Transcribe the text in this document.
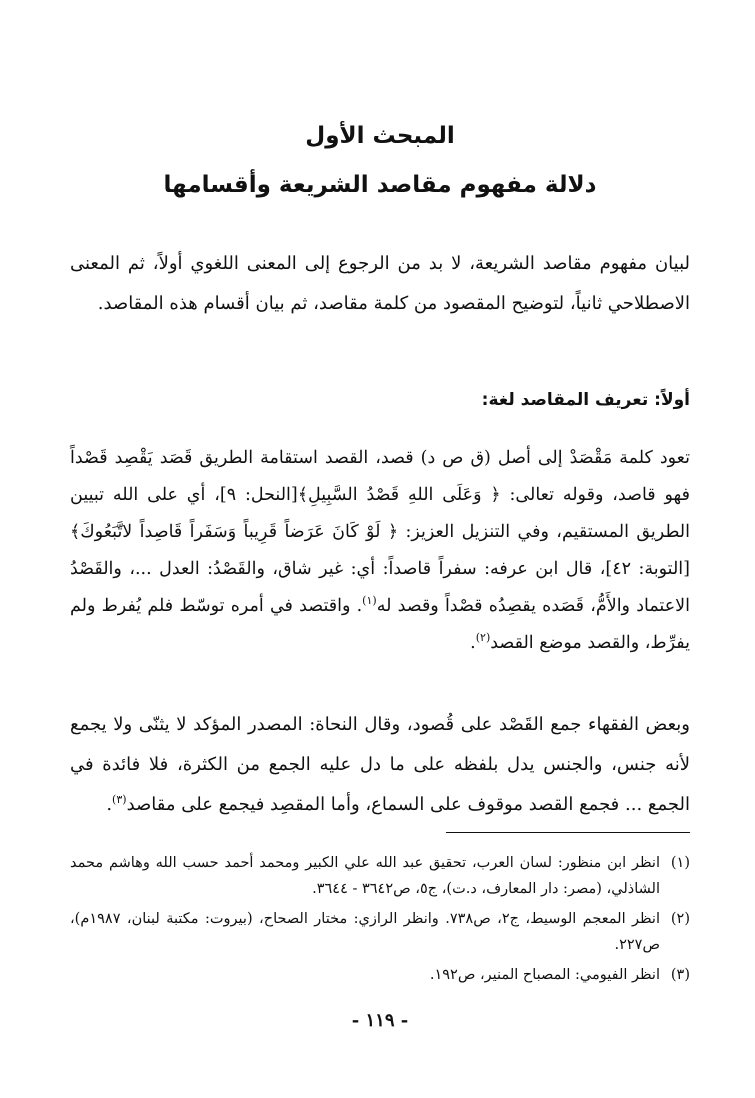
المبحث الأول
دلالة مفهوم مقاصد الشريعة وأقسامها

لبيان مفهوم مقاصد الشريعة، لا بد من الرجوع إلى المعنى اللغوي أولاً، ثم المعنى الاصطلاحي ثانياً، لتوضيح المقصود من كلمة مقاصد، ثم بيان أقسام هذه المقاصد.

أولاً: تعريف المقاصد لغة:

تعود كلمة مَقْصَدْ إلى أصل (ق ص د) قصد، القصد استقامة الطريق قَصَد يَقْصِد قَصْداً فهو قاصد، وقوله تعالى: ﴿ وَعَلَى اللهِ قَصْدُ السَّبِيلِ﴾[النحل: ٩]، أي على الله تبيين الطريق المستقيم، وفي التنزيل العزيز: ﴿ لَوْ كَانَ عَرَضاً قَرِيباً وَسَفَراً قَاصِداً لاتَّبَعُوكَ﴾[التوبة: ٤٢]، قال ابن عرفه: سفراً قاصداً: أي: غير شاق، والقَصْدُ: العدل ...، والقَصْدُ الاعتماد والأَمُّ، قَصَده يقصِدُه قصْداً وقصد له$^{(١)}$. واقتصد في أمره توسّط فلم يُفرط ولم يفرِّط، والقصد موضع القصد$^{(٢)}$.

وبعض الفقهاء جمع القَصْد على قُصود، وقال النحاة: المصدر المؤكد لا يثنّى ولا يجمع لأنه جنس، والجنس يدل بلفظه على ما دل عليه الجمع من الكثرة، فلا فائدة في الجمع ... فجمع القصد موقوف على السماع، وأما المقصِد فيجمع على مقاصد$^{(٣)}$.

(١)
انظر ابن منظور: لسان العرب، تحقيق عبد الله علي الكبير ومحمد أحمد حسب الله وهاشم محمد الشاذلي، (مصر: دار المعارف، د.ت)، ج٥، ص٣٦٤٢ - ٣٦٤٤.
(٢)
انظر المعجم الوسيط، ج٢، ص٧٣٨. وانظر الرازي: مختار الصحاح، (بيروت: مكتبة لبنان، ١٩٨٧م)، ص٢٢٧.
(٣)
انظر الفيومي: المصباح المنير، ص١٩٢.

- ١١٩ -
